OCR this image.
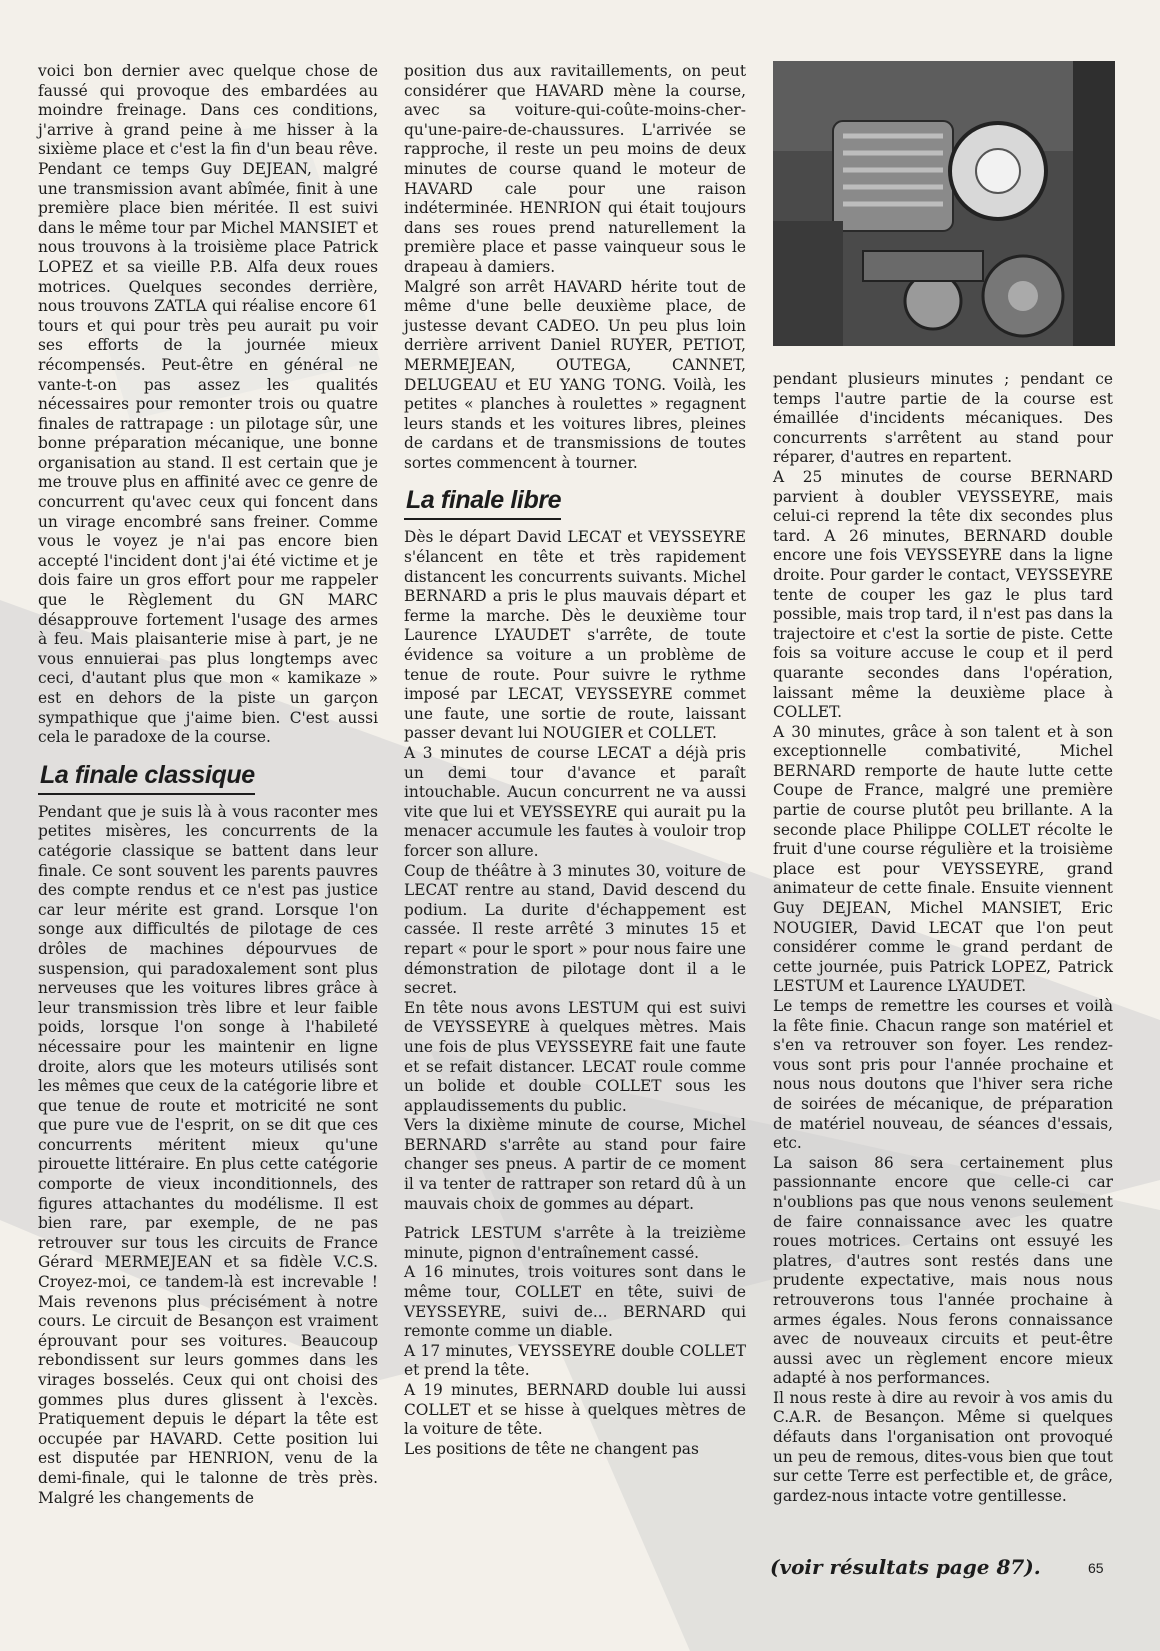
voici bon dernier avec quelque chose de faussé qui provoque des embardées au moindre freinage. Dans ces conditions, j'arrive à grand peine à me hisser à la sixième place et c'est la fin d'un beau rêve. Pendant ce temps Guy DEJEAN, malgré une transmission avant abîmée, finit à une première place bien méritée. Il est suivi dans le même tour par Michel MANSIET et nous trouvons à la troisième place Patrick LOPEZ et sa vieille P.B. Alfa deux roues motrices. Quelques secondes derrière, nous trouvons ZATLA qui réalise encore 61 tours et qui pour très peu aurait pu voir ses efforts de la journée mieux récompensés. Peut-être en général ne vante-t-on pas assez les qualités nécessaires pour remonter trois ou quatre finales de rattrapage : un pilotage sûr, une bonne préparation mécanique, une bonne organisation au stand. Il est certain que je me trouve plus en affinité avec ce genre de concurrent qu'avec ceux qui foncent dans un virage encombré sans freiner. Comme vous le voyez je n'ai pas encore bien accepté l'incident dont j'ai été victime et je dois faire un gros effort pour me rappeler que le Règlement du GN MARC désapprouve fortement l'usage des armes à feu. Mais plaisanterie mise à part, je ne vous ennuierai pas plus longtemps avec ceci, d'autant plus que mon « kamikaze » est en dehors de la piste un garçon sympathique que j'aime bien. C'est aussi cela le paradoxe de la course.

La finale classique

Pendant que je suis là à vous raconter mes petites misères, les concurrents de la catégorie classique se battent dans leur finale. Ce sont souvent les parents pauvres des compte rendus et ce n'est pas justice car leur mérite est grand. Lorsque l'on songe aux difficultés de pilotage de ces drôles de machines dépourvues de suspension, qui paradoxalement sont plus nerveuses que les voitures libres grâce à leur transmission très libre et leur faible poids, lorsque l'on songe à l'habileté nécessaire pour les maintenir en ligne droite, alors que les moteurs utilisés sont les mêmes que ceux de la catégorie libre et que tenue de route et motricité ne sont que pure vue de l'esprit, on se dit que ces concurrents méritent mieux qu'une pirouette littéraire. En plus cette catégorie comporte de vieux inconditionnels, des figures attachantes du modélisme. Il est bien rare, par exemple, de ne pas retrouver sur tous les circuits de France Gérard MERMEJEAN et sa fidèle V.C.S. Croyez-moi, ce tandem-là est increvable ! Mais revenons plus précisément à notre cours. Le circuit de Besançon est vraiment éprouvant pour ses voitures. Beaucoup rebondissent sur leurs gommes dans les virages bosselés. Ceux qui ont choisi des gommes plus dures glissent à l'excès. Pratiquement depuis le départ la tête est occupée par HAVARD. Cette position lui est disputée par HENRION, venu de la demi-finale, qui le talonne de très près. Malgré les changements de

position dus aux ravitaillements, on peut considérer que HAVARD mène la course, avec sa voiture-qui-coûte-moins-cher-qu'une-paire-de-chaussures. L'arrivée se rapproche, il reste un peu moins de deux minutes de course quand le moteur de HAVARD cale pour une raison indéterminée. HENRION qui était toujours dans ses roues prend naturellement la première place et passe vainqueur sous le drapeau à damiers.

Malgré son arrêt HAVARD hérite tout de même d'une belle deuxième place, de justesse devant CADEO. Un peu plus loin derrière arrivent Daniel RUYER, PETIOT, MERMEJEAN, OUTEGA, CANNET, DELUGEAU et EU YANG TONG. Voilà, les petites « planches à roulettes » regagnent leurs stands et les voitures libres, pleines de cardans et de transmissions de toutes sortes commencent à tourner.

La finale libre

Dès le départ David LECAT et VEYSSEYRE s'élancent en tête et très rapidement distancent les concurrents suivants. Michel BERNARD a pris le plus mauvais départ et ferme la marche. Dès le deuxième tour Laurence LYAUDET s'arrête, de toute évidence sa voiture a un problème de tenue de route. Pour suivre le rythme imposé par LECAT, VEYSSEYRE commet une faute, une sortie de route, laissant passer devant lui NOUGIER et COLLET.

A 3 minutes de course LECAT a déjà pris un demi tour d'avance et paraît intouchable. Aucun concurrent ne va aussi vite que lui et VEYSSEYRE qui aurait pu la menacer accumule les fautes à vouloir trop forcer son allure.

Coup de théâtre à 3 minutes 30, voiture de LECAT rentre au stand, David descend du podium. La durite d'échappement est cassée. Il reste arrêté 3 minutes 15 et repart « pour le sport » pour nous faire une démonstration de pilotage dont il a le secret.

En tête nous avons LESTUM qui est suivi de VEYSSEYRE à quelques mètres. Mais une fois de plus VEYSSEYRE fait une faute et se refait distancer. LECAT roule comme un bolide et double COLLET sous les applaudissements du public.

Vers la dixième minute de course, Michel BERNARD s'arrête au stand pour faire changer ses pneus. A partir de ce moment il va tenter de rattraper son retard dû à un mauvais choix de gommes au départ.

Patrick LESTUM s'arrête à la treizième minute, pignon d'entraînement cassé.

A 16 minutes, trois voitures sont dans le même tour, COLLET en tête, suivi de VEYSSEYRE, suivi de... BERNARD qui remonte comme un diable.

A 17 minutes, VEYSSEYRE double COLLET et prend la tête.

A 19 minutes, BERNARD double lui aussi COLLET et se hisse à quelques mètres de la voiture de tête.

Les positions de tête ne changent pas

pendant plusieurs minutes ; pendant ce temps l'autre partie de la course est émaillée d'incidents mécaniques. Des concurrents s'arrêtent au stand pour réparer, d'autres en repartent.

A 25 minutes de course BERNARD parvient à doubler VEYSSEYRE, mais celui-ci reprend la tête dix secondes plus tard. A 26 minutes, BERNARD double encore une fois VEYSSEYRE dans la ligne droite. Pour garder le contact, VEYSSEYRE tente de couper les gaz le plus tard possible, mais trop tard, il n'est pas dans la trajectoire et c'est la sortie de piste. Cette fois sa voiture accuse le coup et il perd quarante secondes dans l'opération, laissant même la deuxième place à COLLET.

A 30 minutes, grâce à son talent et à son exceptionnelle combativité, Michel BERNARD remporte de haute lutte cette Coupe de France, malgré une première partie de course plutôt peu brillante. A la seconde place Philippe COLLET récolte le fruit d'une course régulière et la troisième place est pour VEYSSEYRE, grand animateur de cette finale. Ensuite viennent Guy DEJEAN, Michel MANSIET, Eric NOUGIER, David LECAT que l'on peut considérer comme le grand perdant de cette journée, puis Patrick LOPEZ, Patrick LESTUM et Laurence LYAUDET.

Le temps de remettre les courses et voilà la fête finie. Chacun range son matériel et s'en va retrouver son foyer. Les rendez-vous sont pris pour l'année prochaine et nous nous doutons que l'hiver sera riche de soirées de mécanique, de préparation de matériel nouveau, de séances d'essais, etc.

La saison 86 sera certainement plus passionnante encore que celle-ci car n'oublions pas que nous venons seulement de faire connaissance avec les quatre roues motrices. Certains ont essuyé les platres, d'autres sont restés dans une prudente expectative, mais nous nous retrouverons tous l'année prochaine à armes égales. Nous ferons connaissance avec de nouveaux circuits et peut-être aussi avec un règlement encore mieux adapté à nos performances.

Il nous reste à dire au revoir à vos amis du C.A.R. de Besançon. Même si quelques défauts dans l'organisation ont provoqué un peu de remous, dites-vous bien que tout sur cette Terre est perfectible et, de grâce, gardez-nous intacte votre gentillesse.

(voir résultats page 87).	65
